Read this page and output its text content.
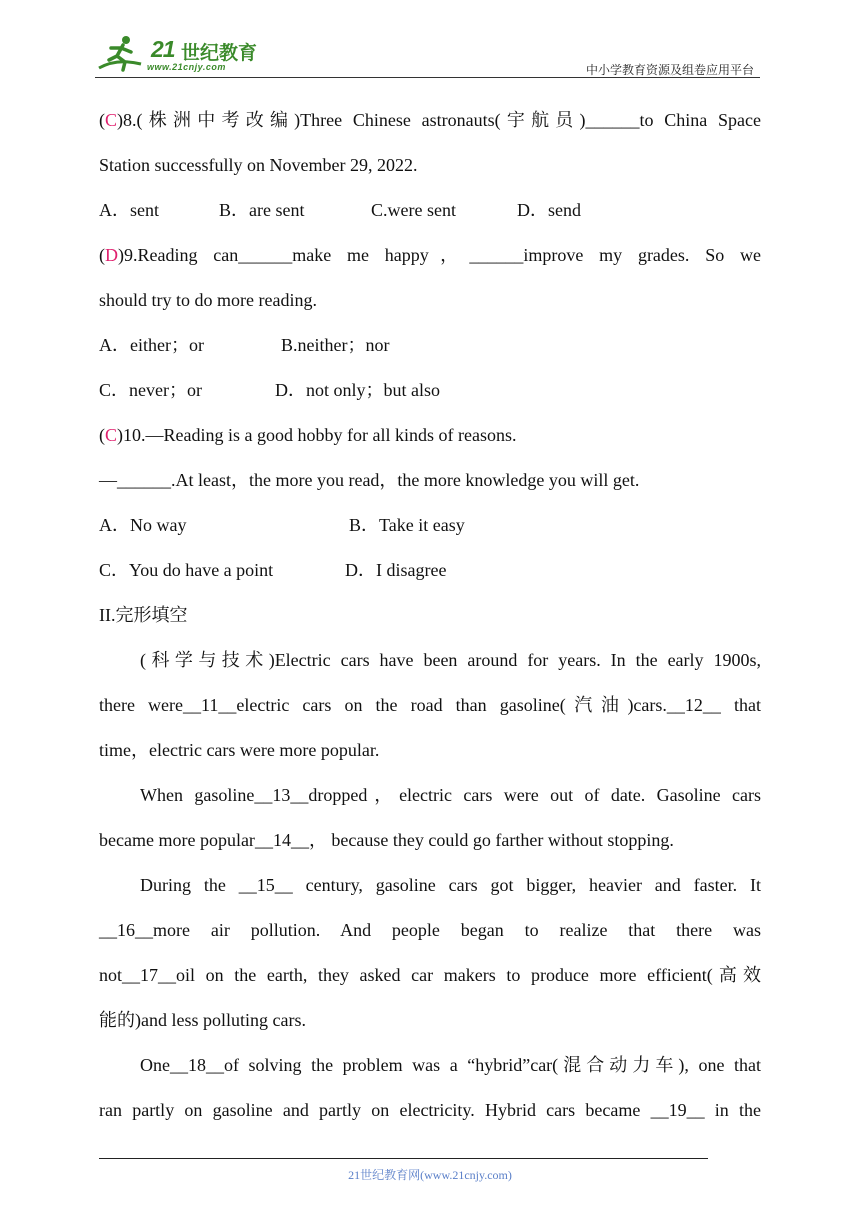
21 世纪教育
www.21cnjy.com	中小学教育资源及组卷应用平台
(C)8.(株洲中考改编)Three Chinese astronauts(宇航员)______to China Space
Station successfully on November 29, 2022.
A．sent	B．are sent	C.were sent	D．send
(D)9.Reading can______make me happy，______improve my grades. So we
should try to do more reading.
A．either；or	B.neither；nor
C．never；or	D．not only；but also
(C)10.—Reading is a good hobby for all kinds of reasons.
—______.At least，the more you read，the more knowledge you will get.
A．No way	B．Take it easy
C．You do have a point	D．I disagree
II.完形填空
(科学与技术)Electric cars have been around for years. In the early 1900s,
there were__11__electric cars on the road than gasoline(汽油)cars.__12__ that
time，electric cars were more popular.
When gasoline__13__dropped，electric cars were out of date. Gasoline cars
became more popular__14__， because they could go farther without stopping.
During the __15__ century, gasoline cars got bigger, heavier and faster. It
__16__more air pollution. And people began to realize that there was
not__17__oil on the earth, they asked car makers to produce more efficient(高效
能的)and less polluting cars.
One__18__of solving the problem was a “hybrid”car(混合动力车), one that
ran partly on gasoline and partly on electricity. Hybrid cars became __19__ in the
21世纪教育网(www.21cnjy.com)
